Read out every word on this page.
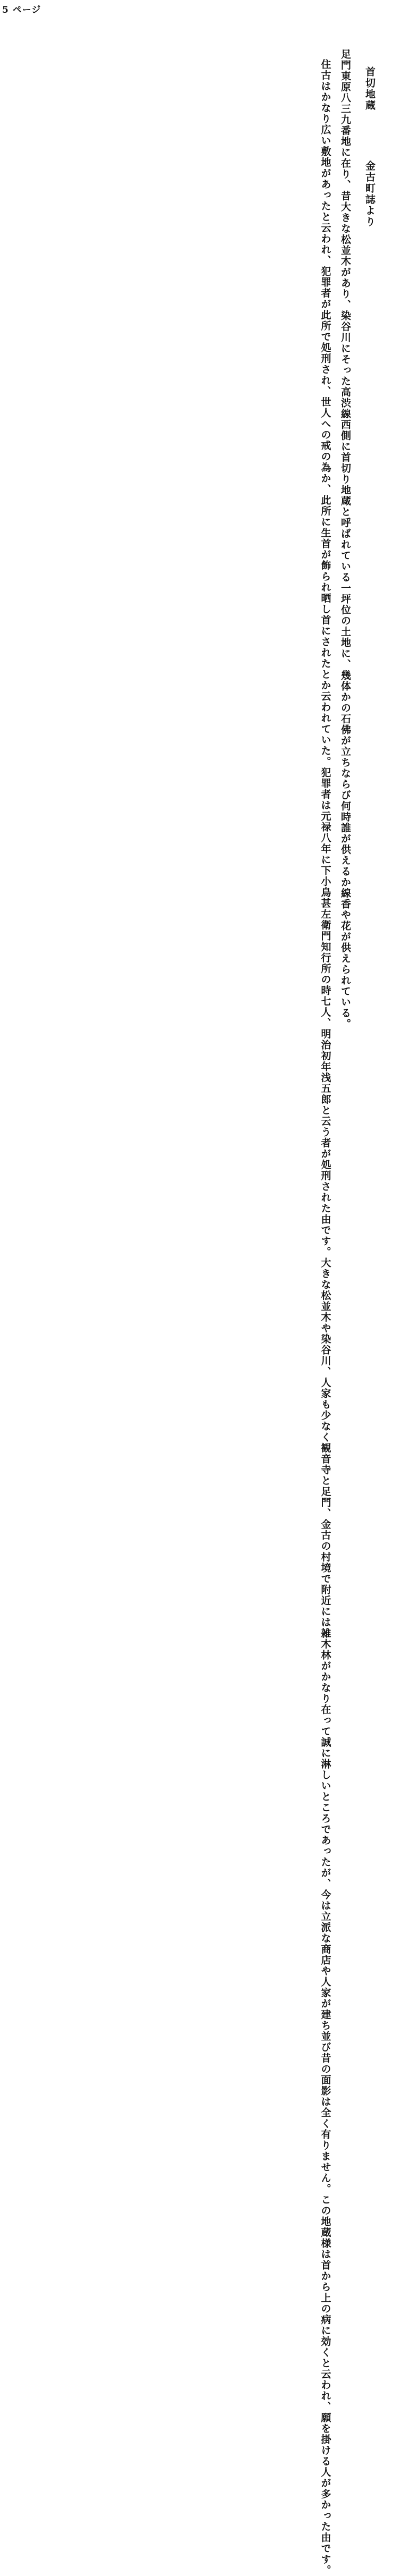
5 ページ
首切地蔵
金古町誌より

足門東原八三九番地に在り、昔大きな松並木があり、染谷川にそった高渋線西側に首切り地蔵と呼ばれている一坪位の土地に、幾体かの石佛が立ちならび何時誰が供えるか線香や花が供えられている。

住古はかなり広い敷地があったと云われ、犯罪者が此所で処刑され、世人への戒の為か、此所に生首が飾られ晒し首にされたとか云われていた。犯罪者は元禄八年に下小鳥甚左衛門知行所の時七人、明治初年浅五郎と云う者が処刑された由です。大きな松並木や染谷川、人家も少なく観音寺と足門、金古の村境で附近には雑木林がかなり在って誠に淋しいところであったが、今は立派な商店や人家が建ち並び昔の面影は全く有りません。この地蔵様は首から上の病に効くと云われ、願を掛ける人が多かった由です。
